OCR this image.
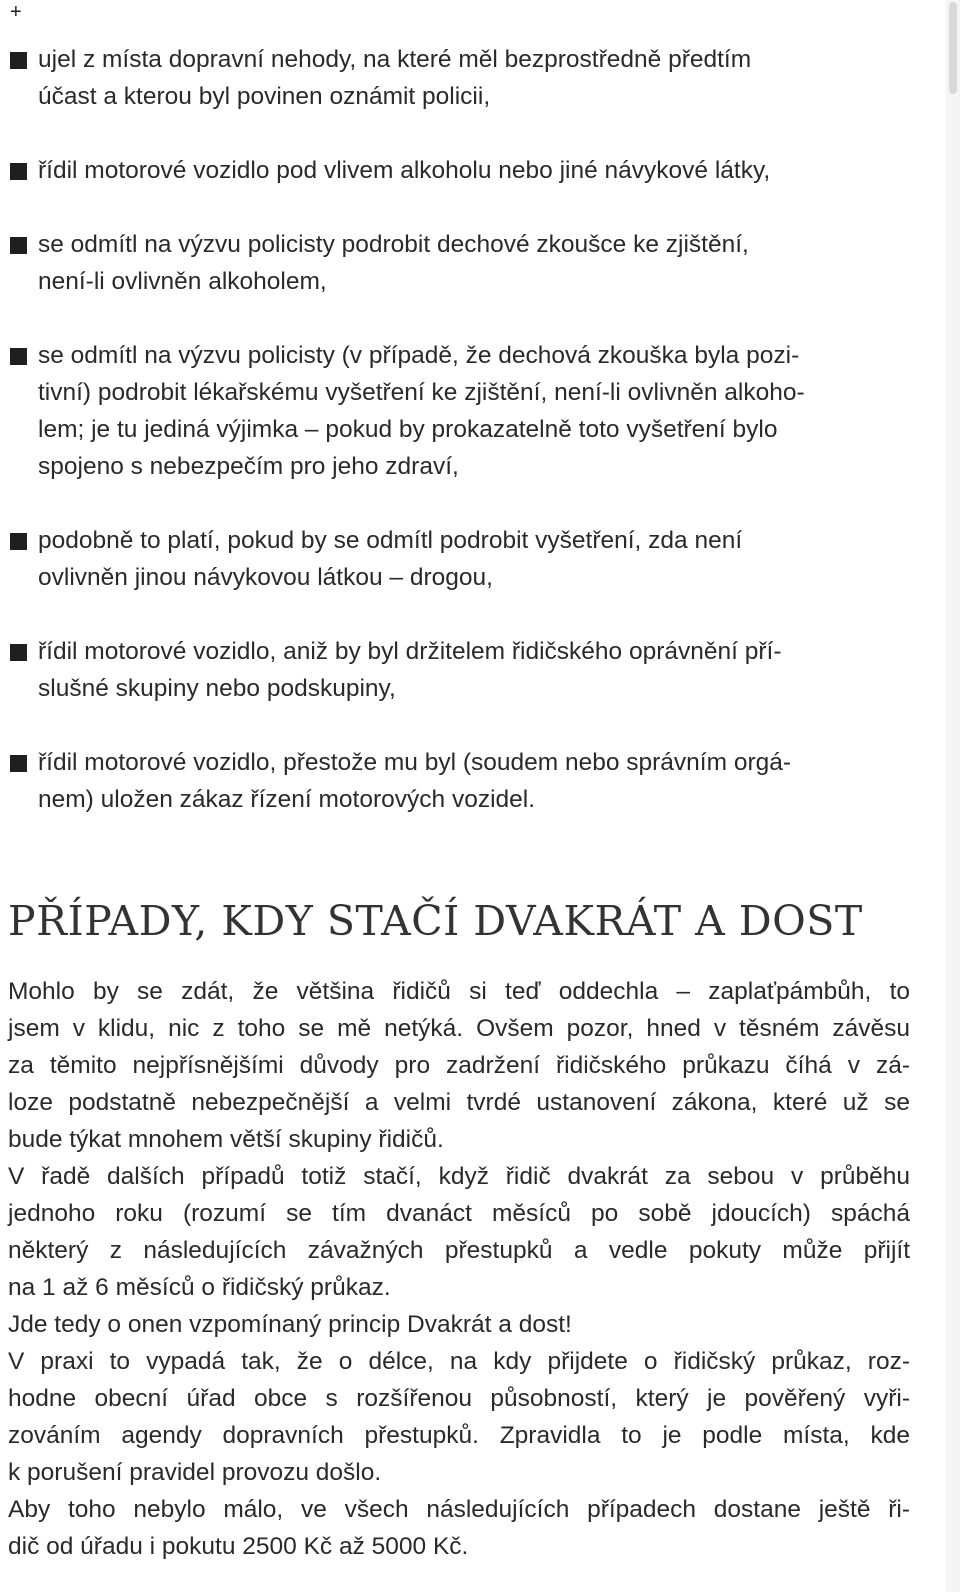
+
ujel z místa dopravní nehody, na které měl bezprostředně předtím
účast a kterou byl povinen oznámit policii,
řídil motorové vozidlo pod vlivem alkoholu nebo jiné návykové látky,
se odmítl na výzvu policisty podrobit dechové zkoušce ke zjištění,
není-li ovlivněn alkoholem,
se odmítl na výzvu policisty (v případě, že dechová zkouška byla pozi-
tivní) podrobit lékařskému vyšetření ke zjištění, není-li ovlivněn alkoho-
lem; je tu jediná výjimka – pokud by prokazatelně toto vyšetření bylo
spojeno s nebezpečím pro jeho zdraví,
podobně to platí, pokud by se odmítl podrobit vyšetření, zda není
ovlivněn jinou návykovou látkou – drogou,
řídil motorové vozidlo, aniž by byl držitelem řidičského oprávnění pří-
slušné skupiny nebo podskupiny,
řídil motorové vozidlo, přestože mu byl (soudem nebo správním orgá-
nem) uložen zákaz řízení motorových vozidel.
PŘÍPADY, KDY STAČÍ DVAKRÁT A DOST

Mohlo by se zdát, že většina řidičů si teď oddechla – zaplaťpámbůh, to
jsem v klidu, nic z toho se mě netýká. Ovšem pozor, hned v těsném závěsu
za těmito nejpřísnějšími důvody pro zadržení řidičského průkazu číhá v zá-
loze podstatně nebezpečnější a velmi tvrdé ustanovení zákona, které už se
bude týkat mnohem větší skupiny řidičů.

V řadě dalších případů totiž stačí, když řidič dvakrát za sebou v průběhu
jednoho roku (rozumí se tím dvanáct měsíců po sobě jdoucích) spáchá
některý z následujících závažných přestupků a vedle pokuty může přijít
na 1 až 6 měsíců o řidičský průkaz.

Jde tedy o onen vzpomínaný princip Dvakrát a dost!

V praxi to vypadá tak, že o délce, na kdy přijdete o řidičský průkaz, roz-
hodne obecní úřad obce s rozšířenou působností, který je pověřený vyři-
zováním agendy dopravních přestupků. Zpravidla to je podle místa, kde
k porušení pravidel provozu došlo.

Aby toho nebylo málo, ve všech následujících případech dostane ještě ři-
dič od úřadu i pokutu 2500 Kč až 5000 Kč.
